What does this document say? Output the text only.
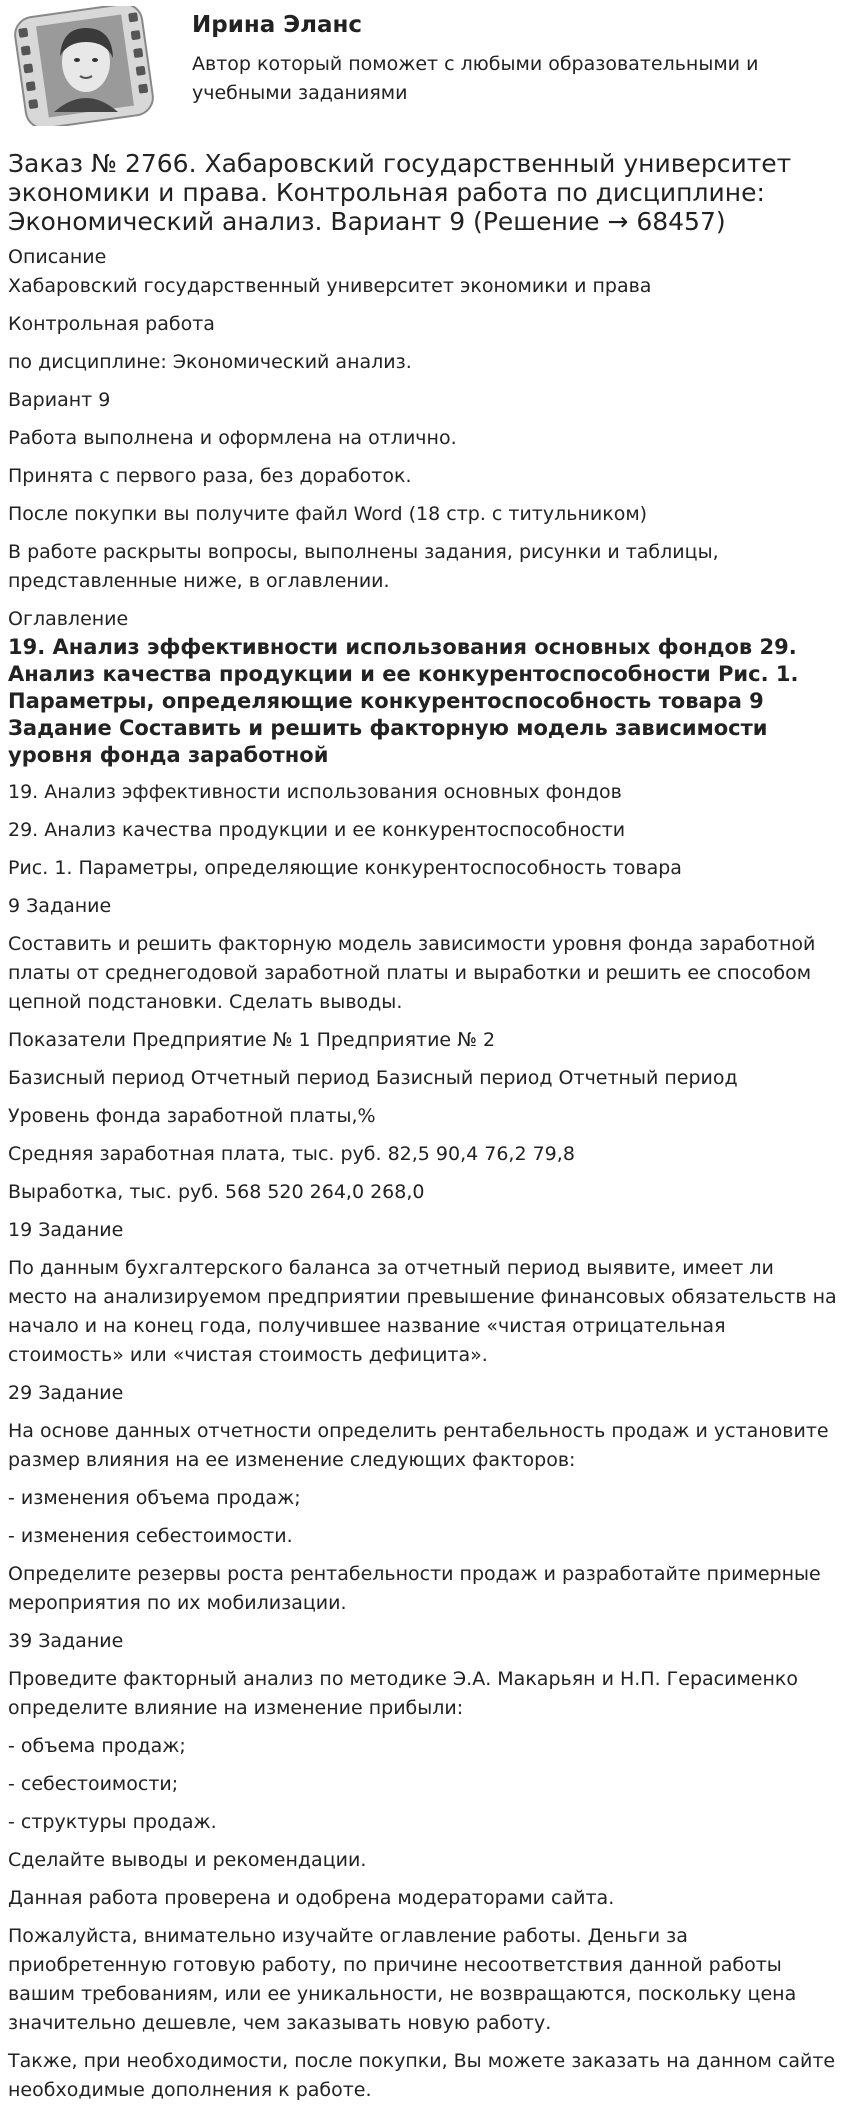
Ирина Эланс
Автор который поможет с любыми образовательными и учебными заданиями
Заказ № 2766. Хабаровский государственный университет экономики и права. Контрольная работа по дисциплине: Экономический анализ. Вариант 9 (Решение → 68457)
Описание

Хабаровский государственный университет экономики и права

Контрольная работа

по дисциплине: Экономический анализ.

Вариант 9

Работа выполнена и оформлена на отлично.

Принята с первого раза, без доработок.

После покупки вы получите файл Word (18 стр. с титульником)

В работе раскрыты вопросы, выполнены задания, рисунки и таблицы, представленные ниже, в оглавлении.

Оглавление
19. Анализ эффективности использования основных фондов 29. Анализ качества продукции и ее конкурентоспособности Рис. 1. Параметры, определяющие конкурентоспособность товара 9 Задание Составить и решить факторную модель зависимости уровня фонда заработной

19. Анализ эффективности использования основных фондов

29. Анализ качества продукции и ее конкурентоспособности

Рис. 1. Параметры, определяющие конкурентоспособность товара

9 Задание

Составить и решить факторную модель зависимости уровня фонда заработной платы от среднегодовой заработной платы и выработки и решить ее способом цепной подстановки. Сделать выводы.

Показатели Предприятие № 1 Предприятие № 2

Базисный период Отчетный период Базисный период Отчетный период

Уровень фонда заработной платы,%

Средняя заработная плата, тыс. руб. 82,5 90,4 76,2 79,8

Выработка, тыс. руб. 568 520 264,0 268,0

19 Задание

По данным бухгалтерского баланса за отчетный период выявите, имеет ли место на анализируемом предприятии превышение финансовых обязательств на начало и на конец года, получившее название «чистая отрицательная стоимость» или «чистая стоимость дефицита».

29 Задание

На основе данных отчетности определить рентабельность продаж и установите размер влияния на ее изменение следующих факторов:

- изменения объема продаж;

- изменения себестоимости.

Определите резервы роста рентабельности продаж и разработайте примерные мероприятия по их мобилизации.

39 Задание

Проведите факторный анализ по методике Э.А. Макарьян и Н.П. Герасименко определите влияние на изменение прибыли:

- объема продаж;

- себестоимости;

- структуры продаж.

Сделайте выводы и рекомендации.

Данная работа проверена и одобрена модераторами сайта.

Пожалуйста, внимательно изучайте оглавление работы. Деньги за приобретенную готовую работу, по причине несоответствия данной работы вашим требованиям, или ее уникальности, не возвращаются, поскольку цена значительно дешевле, чем заказывать новую работу.

Также, при необходимости, после покупки, Вы можете заказать на данном сайте необходимые дополнения к работе.
